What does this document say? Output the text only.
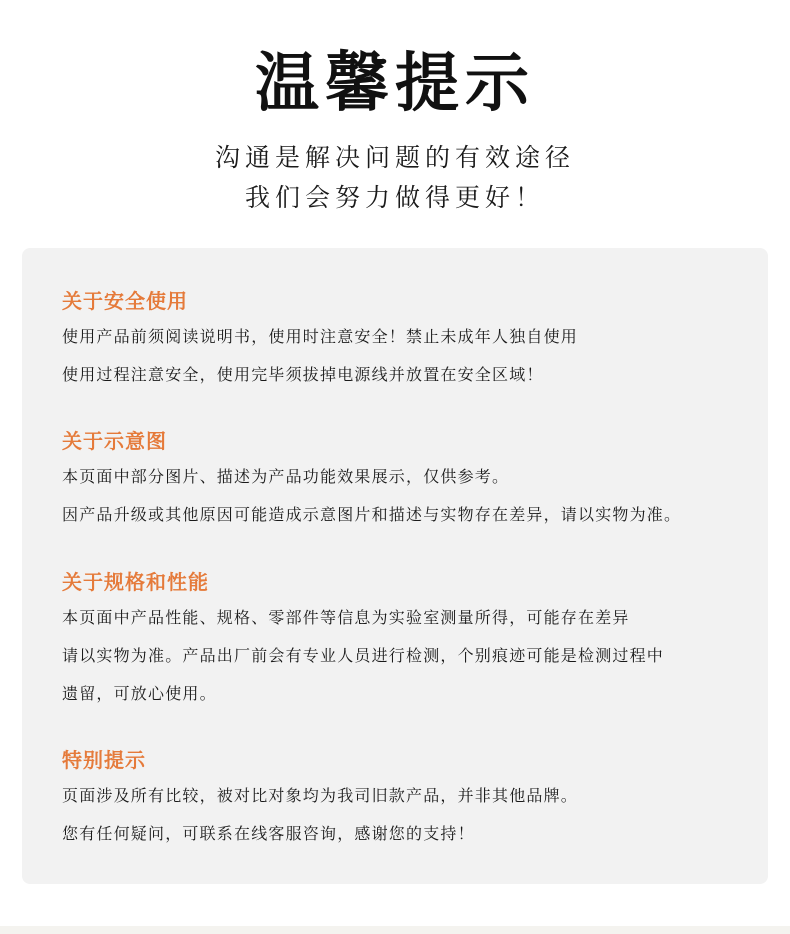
温馨提示
沟通是解决问题的有效途径
我们会努力做得更好！
关于安全使用
使用产品前须阅读说明书，使用时注意安全！禁止未成年人独自使用
使用过程注意安全，使用完毕须拔掉电源线并放置在安全区域！
关于示意图
本页面中部分图片、描述为产品功能效果展示，仅供参考。
因产品升级或其他原因可能造成示意图片和描述与实物存在差异，请以实物为准。
关于规格和性能
本页面中产品性能、规格、零部件等信息为实验室测量所得，可能存在差异
请以实物为准。产品出厂前会有专业人员进行检测，个别痕迹可能是检测过程中
遗留，可放心使用。
特别提示
页面涉及所有比较，被对比对象均为我司旧款产品，并非其他品牌。
您有任何疑问，可联系在线客服咨询，感谢您的支持！
